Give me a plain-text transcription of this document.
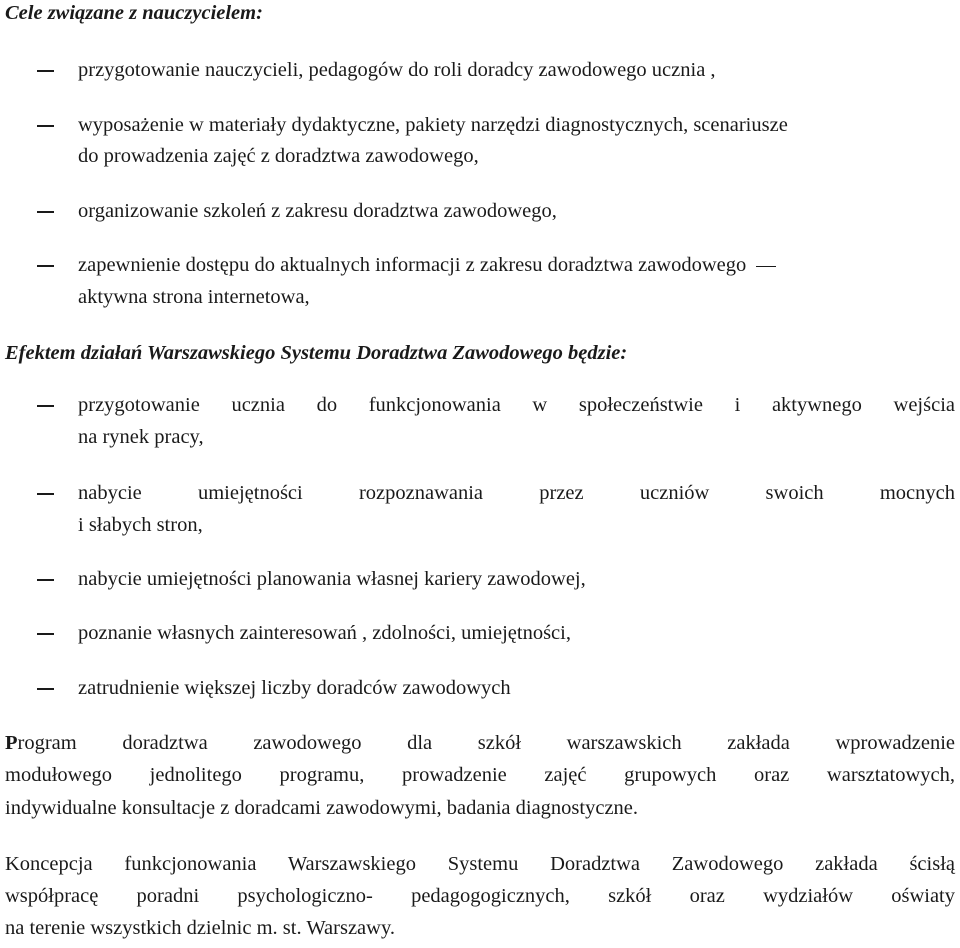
Cele związane z nauczycielem:
przygotowanie nauczycieli, pedagogów do roli doradcy zawodowego ucznia ,
wyposażenie w materiały dydaktyczne, pakiety narzędzi diagnostycznych, scenariusze
do prowadzenia zajęć z doradztwa zawodowego,
organizowanie szkoleń z zakresu doradztwa zawodowego,
zapewnienie dostępu do aktualnych informacji z zakresu doradztwa zawodowego
aktywna strona internetowa,
Efektem działań Warszawskiego Systemu Doradztwa Zawodowego będzie:
przygotowanie ucznia do funkcjonowania w społeczeństwie i aktywnego wejścia
na rynek pracy,
nabycie umiejętności rozpoznawania przez uczniów swoich mocnych
i słabych stron,
nabycie umiejętności planowania własnej kariery zawodowej,
poznanie własnych zainteresowań , zdolności, umiejętności,
zatrudnienie większej liczby doradców zawodowych
Program doradztwa zawodowego dla szkół warszawskich zakłada wprowadzenie
modułowego jednolitego programu, prowadzenie zajęć grupowych oraz warsztatowych,
indywidualne konsultacje z doradcami zawodowymi, badania diagnostyczne.
Koncepcja funkcjonowania Warszawskiego Systemu Doradztwa Zawodowego zakłada ścisłą
współpracę poradni psychologiczno- pedagogogicznych, szkół oraz wydziałów oświaty
na terenie wszystkich dzielnic m. st. Warszawy.
